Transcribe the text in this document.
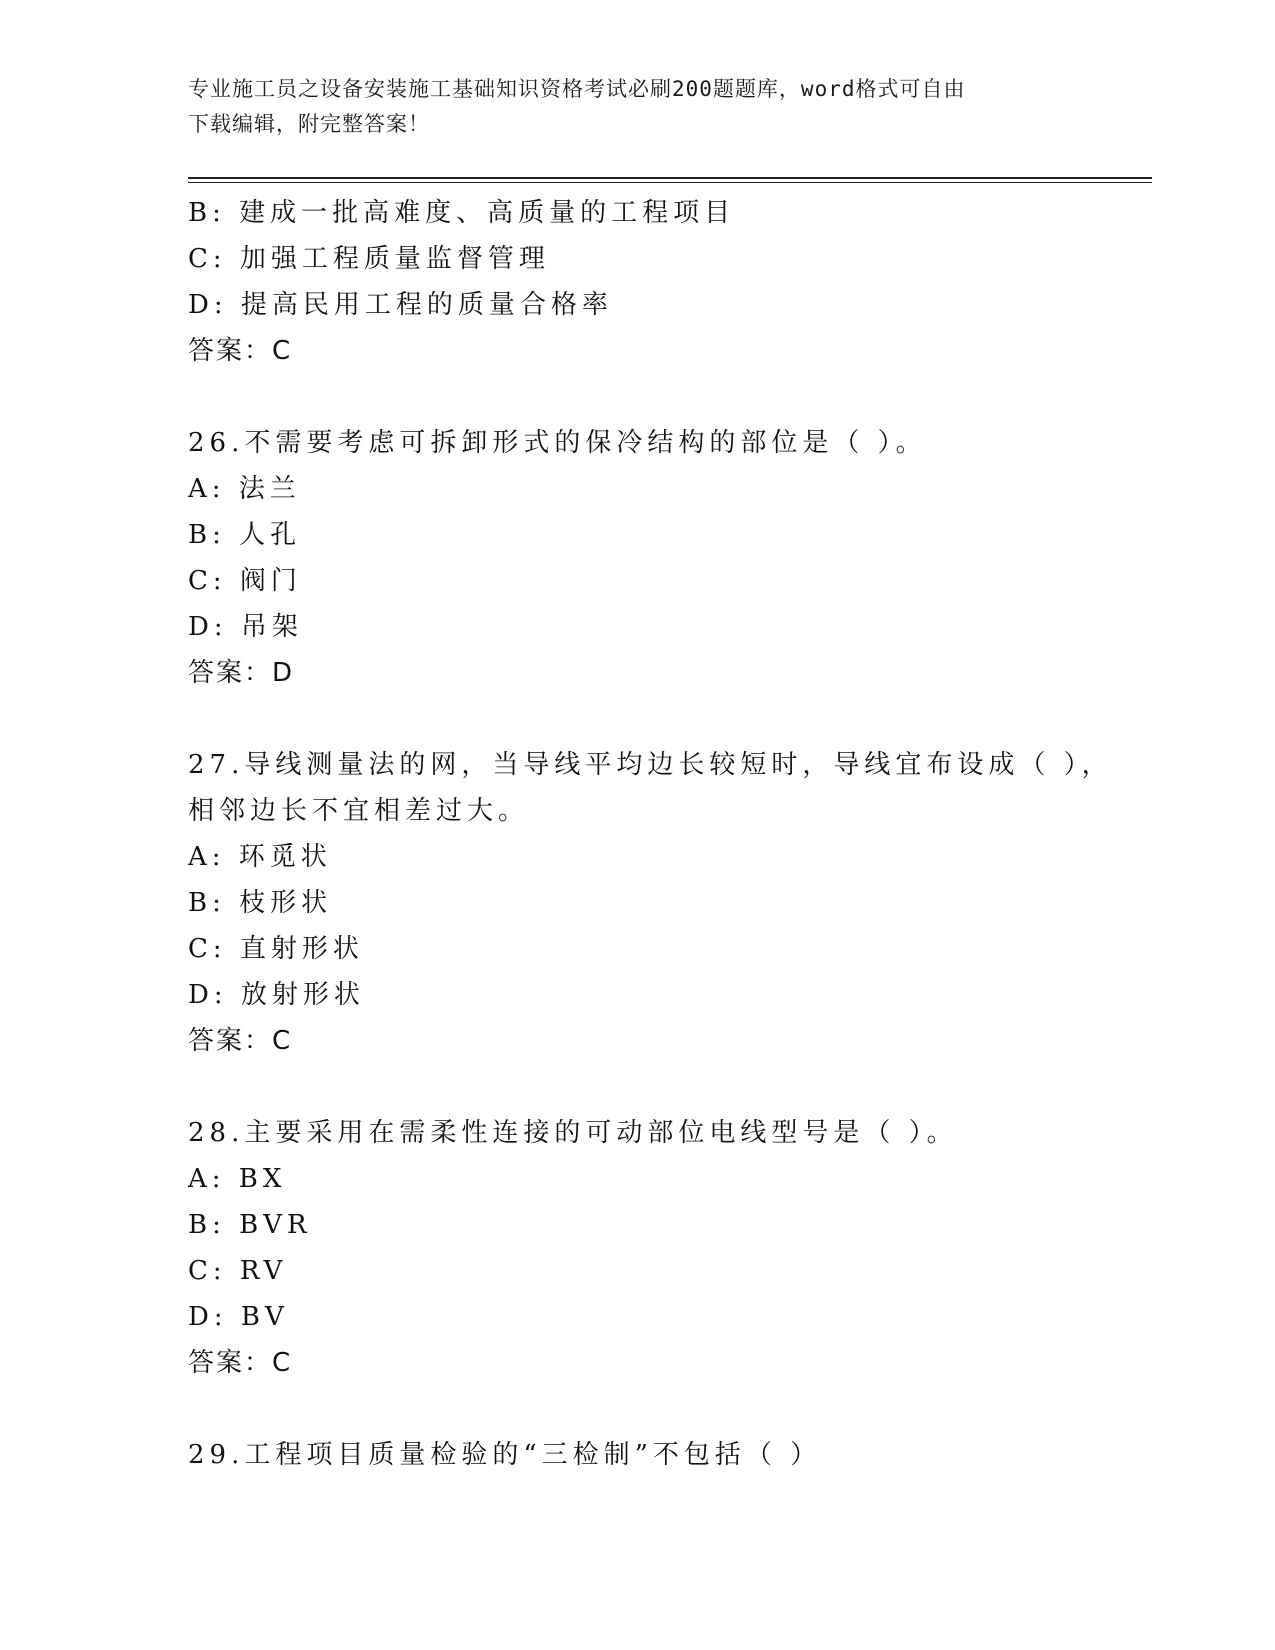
专业施工员之设备安装施工基础知识资格考试必刷200题题库，word格式可自由
下载编辑，附完整答案！
B: 建成一批高难度、高质量的工程项目
C: 加强工程质量监督管理
D: 提高民用工程的质量合格率
答案：C
26.不需要考虑可拆卸形式的保冷结构的部位是（ ）。
A: 法兰
B: 人孔
C: 阀门
D: 吊架
答案：D
27.导线测量法的网，当导线平均边长较短时，导线宜布设成（ ），
相邻边长不宜相差过大。
A: 环觅状
B: 枝形状
C: 直射形状
D: 放射形状
答案：C
28.主要采用在需柔性连接的可动部位电线型号是（ ）。
A: BX
B: BVR
C: RV
D: BV
答案：C
29.工程项目质量检验的“三检制”不包括（ ）
